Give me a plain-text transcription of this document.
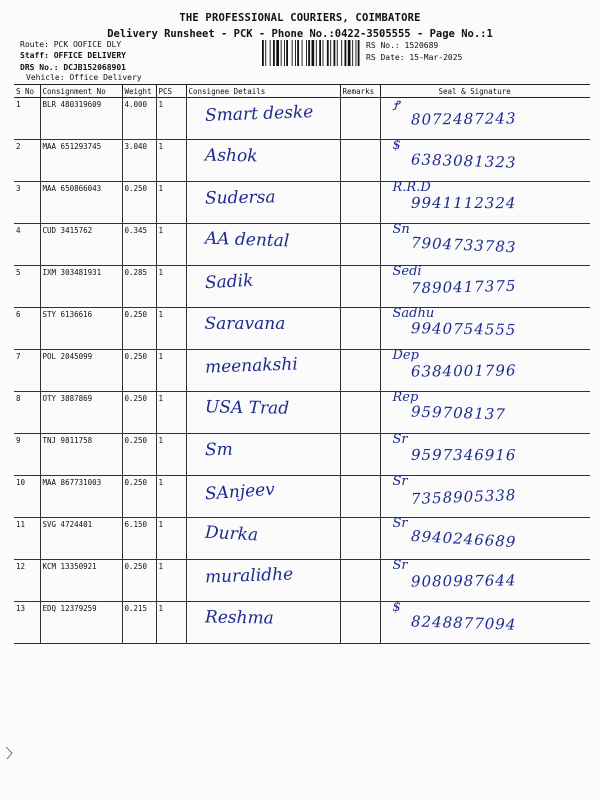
THE PROFESSIONAL COURIERS, COIMBATORE
Delivery Runsheet - PCK - Phone No.:0422-3505555 - Page No.:1
Route: PCK OOFICE DLY
Staff: OFFICE DELIVERY
DRS No.: DCJB152068901
Vehicle: Office Delivery
RS No.: 1520689
RS Date: 15-Mar-2025
S No	Consignment No	Weight	PCS	Consignee Details	Remarks	Seal & Signature
1	BLR 480319609	4.000	1	Smart deske		Ꝭ
8072487243

2	MAA 651293745	3.040	1	Ashok		$
6383081323

3	MAA 650866043	0.250	1	Sudersa		R.R.D
9941112324

4	CUD 3415762	0.345	1	AA dental		Sn
7904733783

5	IXM 303481931	0.285	1	Sadik		Sedi
7890417375

6	STY 6136616	0.250	1	Saravana		Sadhu
9940754555

7	POL 2045099	0.250	1	meenakshi		Dep
6384001796

8	OTY 3887869	0.250	1	USA Trad		Rep
959708137

9	TNJ 9811758	0.250	1	Sm		Sr
9597346916

10	MAA 867731003	0.250	1	SAnjeev		Sr
7358905338

11	SVG 4724401	6.150	1	Durka		Sr
8940246689

12	KCM 13350921	0.250	1	muralidhe		Sr
9080987644

13	EDQ 12379259	0.215	1	Reshma		$
8248877094
